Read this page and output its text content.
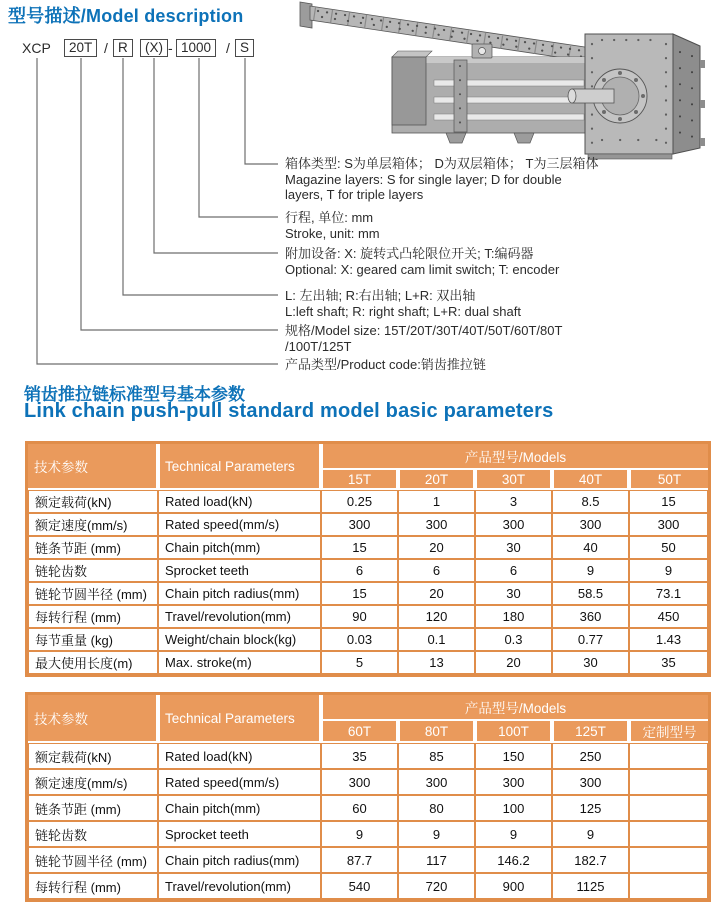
型号描述/Model description
XCP	20T / R	(X) - 1000	/ S
箱体类型: S为单层箱体； D为双层箱体； T为三层箱体
Magazine layers: S for single layer; D for double
layers, T for triple layers
行程, 单位: mm
Stroke, unit: mm
附加设备: X: 旋转式凸轮限位开关; T:编码器
Optional: X: geared cam limit switch; T: encoder
L: 左出轴; R:右出轴; L+R: 双出轴
L:left shaft; R: right shaft; L+R: dual shaft
规格/Model size: 15T/20T/30T/40T/50T/60T/80T
/100T/125T
产品类型/Product code:销齿推拉链
销齿推拉链标准型号基本参数
Link chain push-pull standard model basic parameters
技术参数	Technical Parameters	产品型号/Models				
		15T	20T	30T	40T	50T
额定载荷(kN)	Rated load(kN)	0.25	1	3	8.5	15
额定速度(mm/s)	Rated speed(mm/s)	300	300	300	300	300
链条节距 (mm)	Chain pitch(mm)	15	20	30	40	50
链轮齿数	Sprocket teeth	6	6	6	9	9
链轮节圆半径 (mm)	Chain pitch radius(mm)	15	20	30	58.5	73.1
每转行程 (mm)	Travel/revolution(mm)	90	120	180	360	450
每节重量 (kg)	Weight/chain block(kg)	0.03	0.1	0.3	0.77	1.43
最大使用长度(m)	Max. stroke(m)	5	13	20	30	35
技术参数	Technical Parameters	产品型号/Models				
		60T	80T	100T	125T	定制型号
额定载荷(kN)	Rated load(kN)	35	85	150	250	
额定速度(mm/s)	Rated speed(mm/s)	300	300	300	300	
链条节距 (mm)	Chain pitch(mm)	60	80	100	125	
链轮齿数	Sprocket teeth	9	9	9	9	
链轮节圆半径 (mm)	Chain pitch radius(mm)	87.7	117	146.2	182.7	
每转行程 (mm)	Travel/revolution(mm)	540	720	900	1125	
